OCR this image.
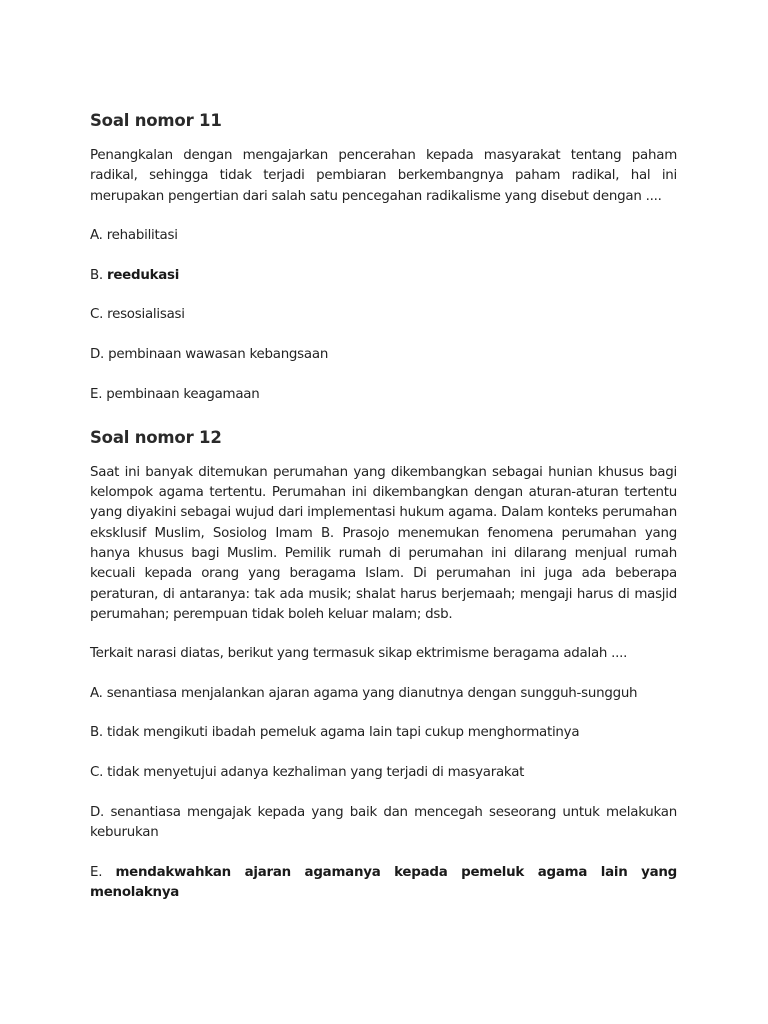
Soal nomor 11

Penangkalan dengan mengajarkan pencerahan kepada masyarakat tentang paham radikal, sehingga tidak terjadi pembiaran berkembangnya paham radikal, hal ini merupakan pengertian dari salah satu pencegahan radikalisme yang disebut dengan ....

A. rehabilitasi

B. reedukasi

C. resosialisasi

D. pembinaan wawasan kebangsaan

E. pembinaan keagamaan

Soal nomor 12

Saat ini banyak ditemukan perumahan yang dikembangkan sebagai hunian khusus bagi kelompok agama tertentu. Perumahan ini dikembangkan dengan aturan-aturan tertentu yang diyakini sebagai wujud dari implementasi hukum agama. Dalam konteks perumahan eksklusif Muslim, Sosiolog Imam B. Prasojo menemukan fenomena perumahan yang hanya khusus bagi Muslim. Pemilik rumah di perumahan ini dilarang menjual rumah kecuali kepada orang yang beragama Islam. Di perumahan ini juga ada beberapa peraturan, di antaranya: tak ada musik; shalat harus berjemaah; mengaji harus di masjid perumahan; perempuan tidak boleh keluar malam; dsb.

Terkait narasi diatas, berikut yang termasuk sikap ektrimisme beragama adalah ....

A. senantiasa menjalankan ajaran agama yang dianutnya dengan sungguh-sungguh

B. tidak mengikuti ibadah pemeluk agama lain tapi cukup menghormatinya

C. tidak menyetujui adanya kezhaliman yang terjadi di masyarakat

D. senantiasa mengajak kepada yang baik dan mencegah seseorang untuk melakukan keburukan

E. mendakwahkan ajaran agamanya kepada pemeluk agama lain yang menolaknya
